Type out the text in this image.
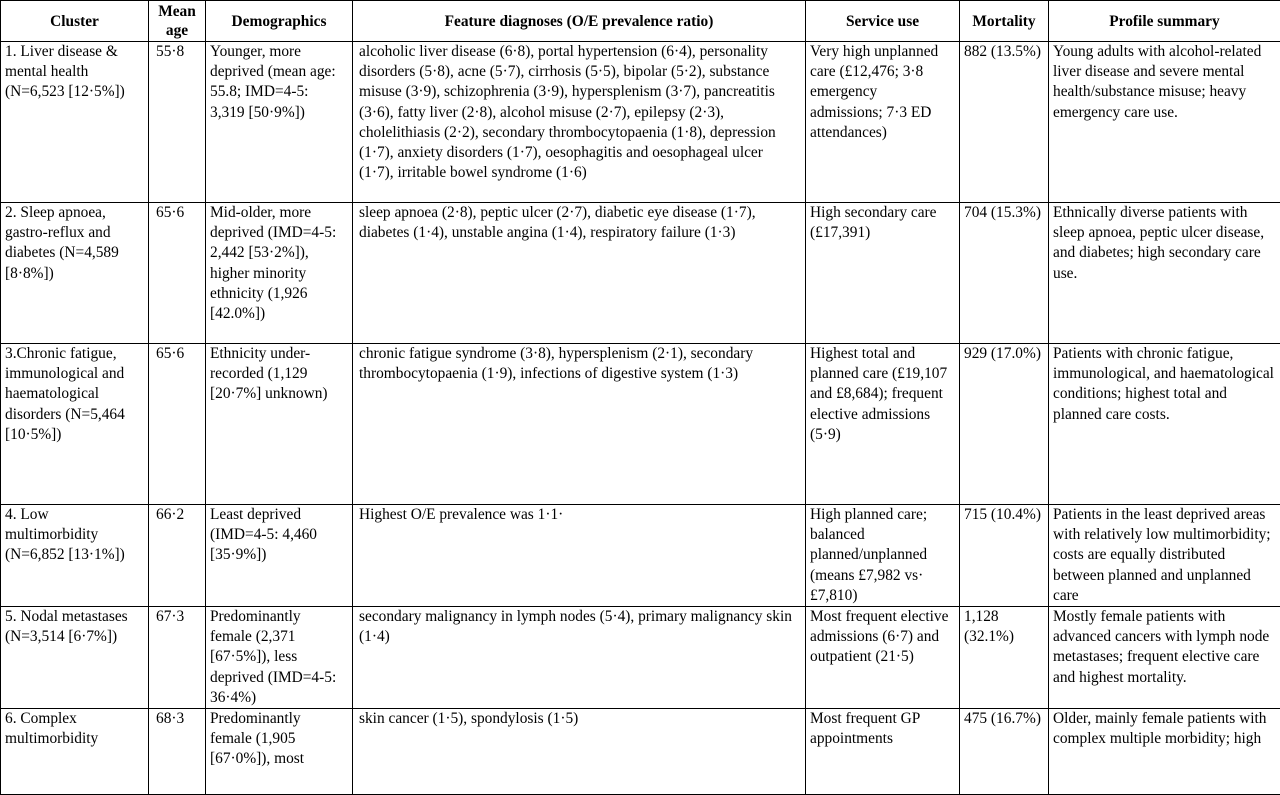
Cluster	Mean age	Demographics	Feature diagnoses (O/E prevalence ratio)	Service use	Mortality	Profile summary
1. Liver disease & mental health (N=6,523 [12·5%])	55·8	Younger, more deprived (mean age: 55.8; IMD=4-5: 3,319 [50·9%])	alcoholic liver disease (6·8), portal hypertension (6·4), personality disorders (5·8), acne (5·7), cirrhosis (5·5), bipolar (5·2), substance misuse (3·9), schizophrenia (3·9), hypersplenism (3·7), pancreatitis (3·6), fatty liver (2·8), alcohol misuse (2·7), epilepsy (2·3), cholelithiasis (2·2), secondary thrombocytopaenia (1·8), depression (1·7), anxiety disorders (1·7), oesophagitis and oesophageal ulcer (1·7), irritable bowel syndrome (1·6)	Very high unplanned care (£12,476; 3·8 emergency admissions; 7·3 ED attendances)	882 (13.5%)	Young adults with alcohol-related liver disease and severe mental health/substance misuse; heavy emergency care use.
2. Sleep apnoea, gastro-reflux and diabetes (N=4,589 [8·8%])	65·6	Mid-older, more deprived (IMD=4-5: 2,442 [53·2%]), higher minority ethnicity (1,926 [42.0%])	sleep apnoea (2·8), peptic ulcer (2·7), diabetic eye disease (1·7), diabetes (1·4), unstable angina (1·4), respiratory failure (1·3)	High secondary care (£17,391)	704 (15.3%)	Ethnically diverse patients with sleep apnoea, peptic ulcer disease, and diabetes; high secondary care use.
3.Chronic fatigue, immunological and haematological disorders (N=5,464 [10·5%])	65·6	Ethnicity under-recorded (1,129 [20·7%] unknown)	chronic fatigue syndrome (3·8), hypersplenism (2·1), secondary thrombocytopaenia (1·9), infections of digestive system (1·3)	Highest total and planned care (£19,107 and £8,684); frequent elective admissions (5·9)	929 (17.0%)	Patients with chronic fatigue, immunological, and haematological conditions; highest total and planned care costs.
4. Low multimorbidity (N=6,852 [13·1%])	66·2	Least deprived (IMD=4-5: 4,460 [35·9%])	Highest O/E prevalence was 1·1·	High planned care; balanced planned/unplanned (means £7,982 vs· £7,810)	715 (10.4%)	Patients in the least deprived areas with relatively low multimorbidity; costs are equally distributed between planned and unplanned care
5. Nodal metastases (N=3,514 [6·7%])	67·3	Predominantly female (2,371 [67·5%]), less deprived (IMD=4-5: 36·4%)	secondary malignancy in lymph nodes (5·4), primary malignancy skin (1·4)	Most frequent elective admissions (6·7) and outpatient (21·5)	1,128 (32.1%)	Mostly female patients with advanced cancers with lymph node metastases; frequent elective care and highest mortality.
6. Complex multimorbidity	68·3	Predominantly female (1,905 [67·0%]), most	skin cancer (1·5), spondylosis (1·5)	Most frequent GP appointments	475 (16.7%)	Older, mainly female patients with complex multiple morbidity; high
